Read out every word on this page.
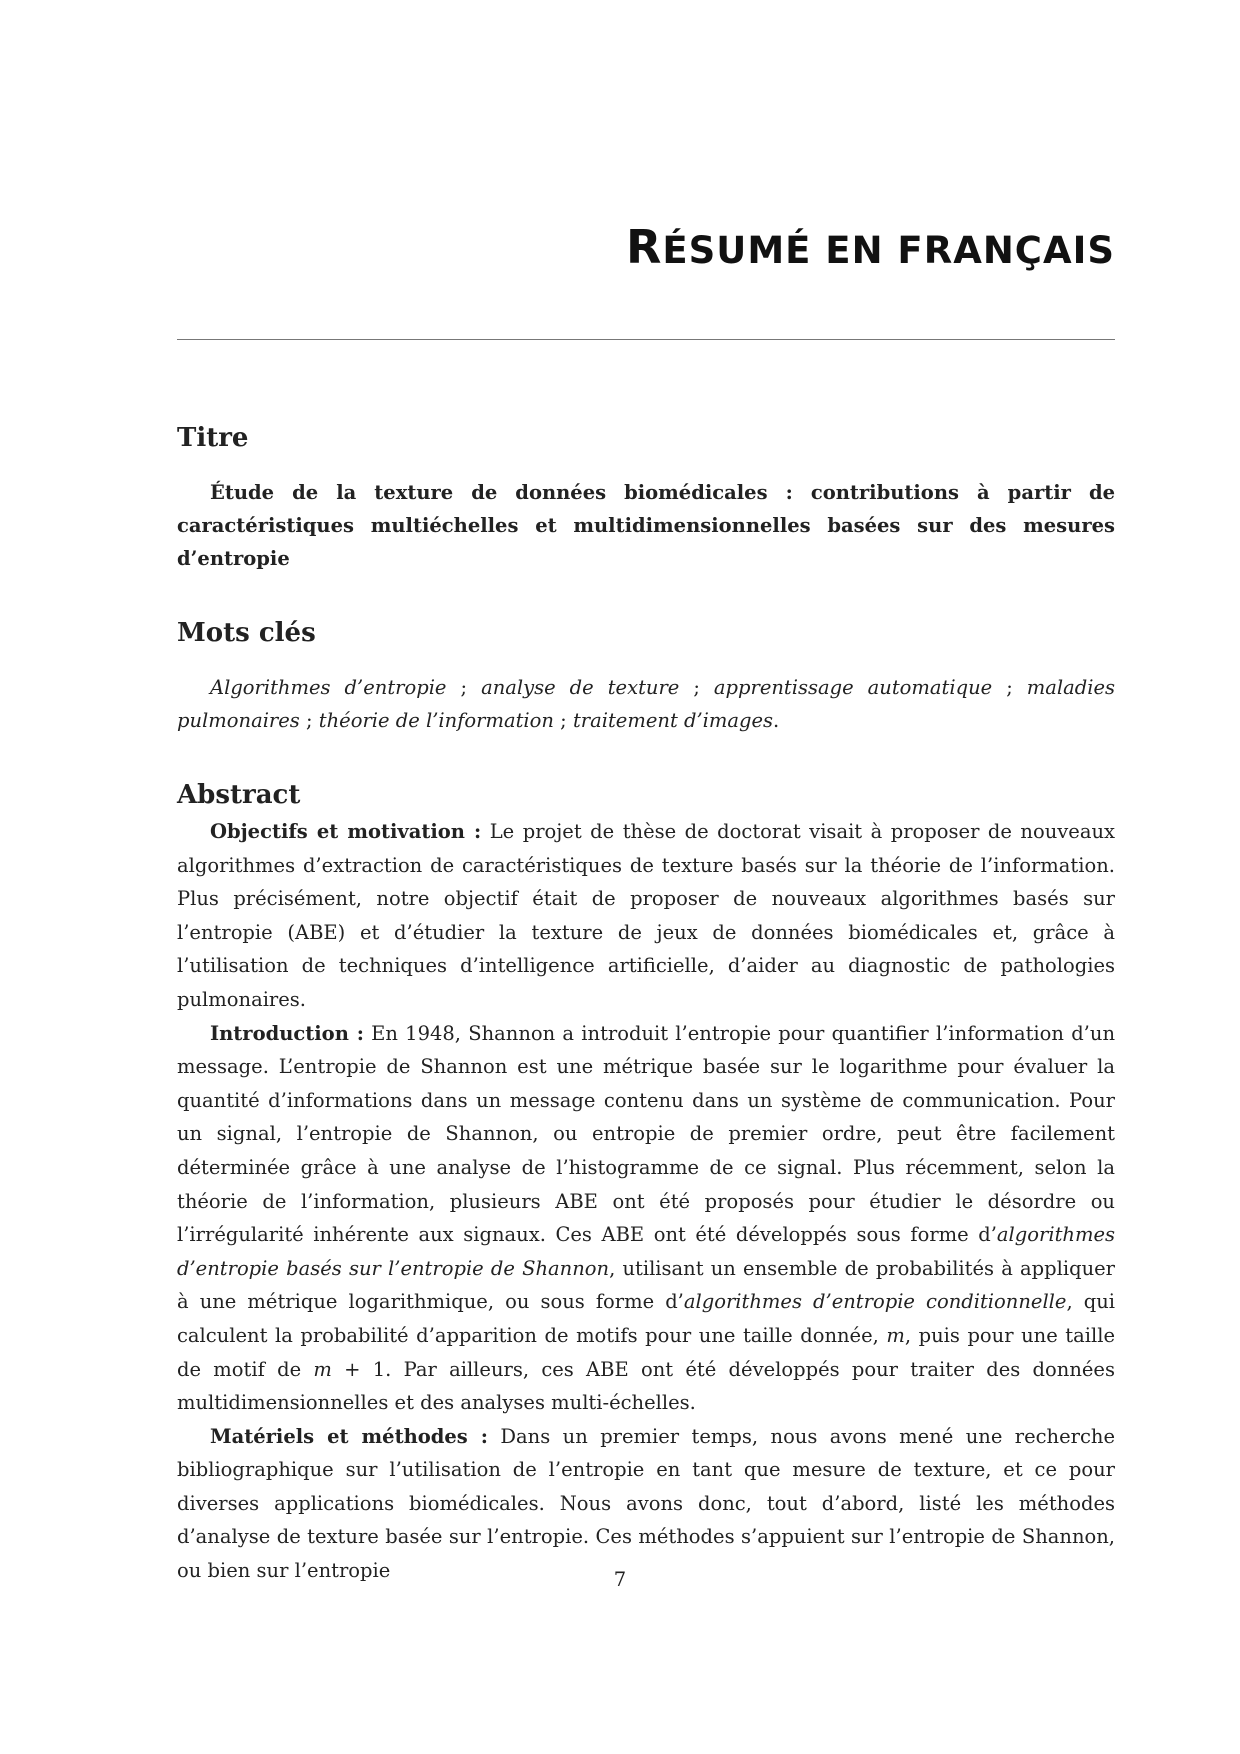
RÉSUMÉ EN FRANÇAIS
Titre
Étude de la texture de données biomédicales : contributions à partir de caractéristiques multiéchelles et multidimensionnelles basées sur des mesures d’entropie
Mots clés
Algorithmes d’entropie ; analyse de texture ; apprentissage automatique ; maladies pulmonaires ; théorie de l’information ; traitement d’images.
Abstract

Objectifs et motivation : Le projet de thèse de doctorat visait à proposer de nouveaux algorithmes d’extraction de caractéristiques de texture basés sur la théorie de l’information. Plus précisément, notre objectif était de proposer de nouveaux algorithmes basés sur l’entropie (ABE) et d’étudier la texture de jeux de données biomédicales et, grâce à l’utilisation de techniques d’intelligence artificielle, d’aider au diagnostic de pathologies pulmonaires.

Introduction : En 1948, Shannon a introduit l’entropie pour quantifier l’information d’un message. L’entropie de Shannon est une métrique basée sur le logarithme pour évaluer la quantité d’informations dans un message contenu dans un système de communication. Pour un signal, l’entropie de Shannon, ou entropie de premier ordre, peut être facilement déterminée grâce à une analyse de l’histogramme de ce signal. Plus récemment, selon la théorie de l’information, plusieurs ABE ont été proposés pour étudier le désordre ou l’irrégularité inhérente aux signaux. Ces ABE ont été développés sous forme d’algorithmes d’entropie basés sur l’entropie de Shannon, utilisant un ensemble de probabilités à appliquer à une métrique logarithmique, ou sous forme d’algorithmes d’entropie conditionnelle, qui calculent la probabilité d’apparition de motifs pour une taille donnée, m, puis pour une taille de motif de m + 1. Par ailleurs, ces ABE ont été développés pour traiter des données multidimensionnelles et des analyses multi-échelles.

Matériels et méthodes : Dans un premier temps, nous avons mené une recherche bibliographique sur l’utilisation de l’entropie en tant que mesure de texture, et ce pour diverses applications biomédicales. Nous avons donc, tout d’abord, listé les méthodes d’analyse de texture basée sur l’entropie. Ces méthodes s’appuient sur l’entropie de Shannon, ou bien sur l’entropie	7
